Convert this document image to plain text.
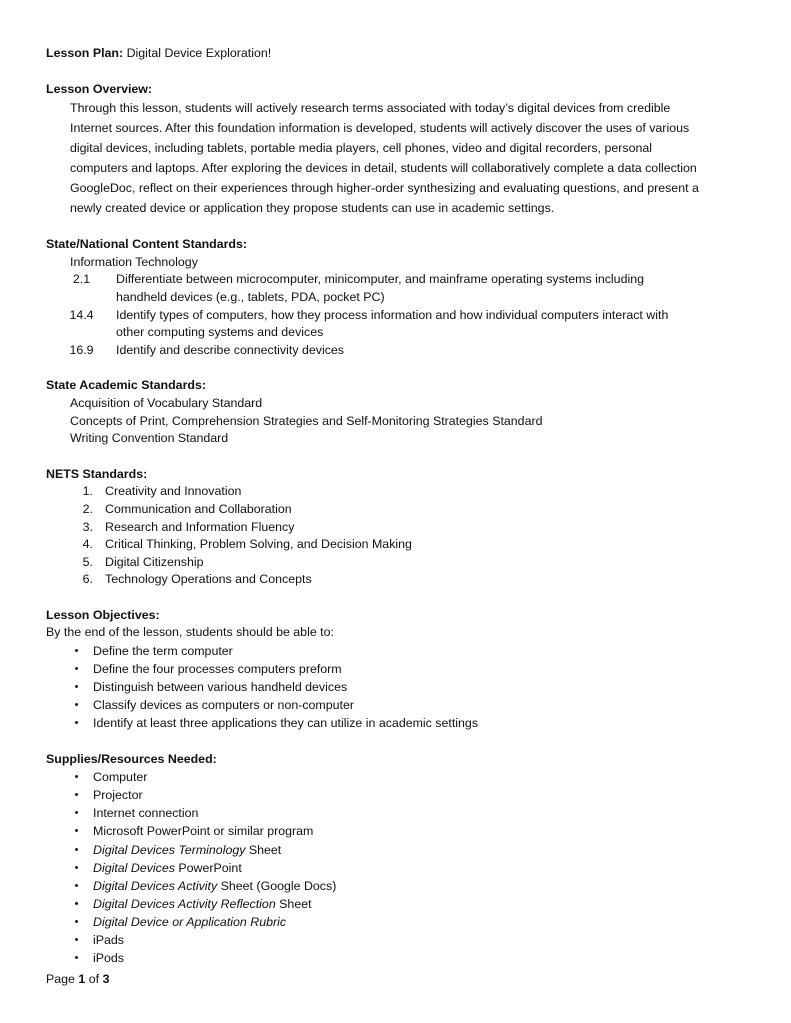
Lesson Plan: Digital Device Exploration!
Lesson Overview:
Through this lesson, students will actively research terms associated with today’s digital devices from credible
Internet sources. After this foundation information is developed, students will actively discover the uses of various
digital devices, including tablets, portable media players, cell phones, video and digital recorders, personal
computers and laptops. After exploring the devices in detail, students will collaboratively complete a data collection
GoogleDoc, reflect on their experiences through higher-order synthesizing and evaluating questions, and present a
newly created device or application they propose students can use in academic settings.
State/National Content Standards:
Information Technology
2.1	Differentiate between microcomputer, minicomputer, and mainframe operating systems including
handheld devices (e.g., tablets, PDA, pocket PC)
14.4	Identify types of computers, how they process information and how individual computers interact with
other computing systems and devices
16.9	Identify and describe connectivity devices
State Academic Standards:
Acquisition of Vocabulary Standard
Concepts of Print, Comprehension Strategies and Self-Monitoring Strategies Standard
Writing Convention Standard
NETS Standards:
1. Creativity and Innovation
2. Communication and Collaboration
3. Research and Information Fluency
4. Critical Thinking, Problem Solving, and Decision Making
5. Digital Citizenship
6. Technology Operations and Concepts
Lesson Objectives:
By the end of the lesson, students should be able to:
•	Define the term computer
•	Define the four processes computers preform
•	Distinguish between various handheld devices
•	Classify devices as computers or non-computer
•	Identify at least three applications they can utilize in academic settings
Supplies/Resources Needed:
•	Computer
•	Projector
•	Internet connection
•	Microsoft PowerPoint or similar program
•	Digital Devices Terminology Sheet
•	Digital Devices PowerPoint
•	Digital Devices Activity Sheet (Google Docs)
•	Digital Devices Activity Reflection Sheet
•	Digital Device or Application Rubric
•	iPads
•	iPods
Page 1 of 3
